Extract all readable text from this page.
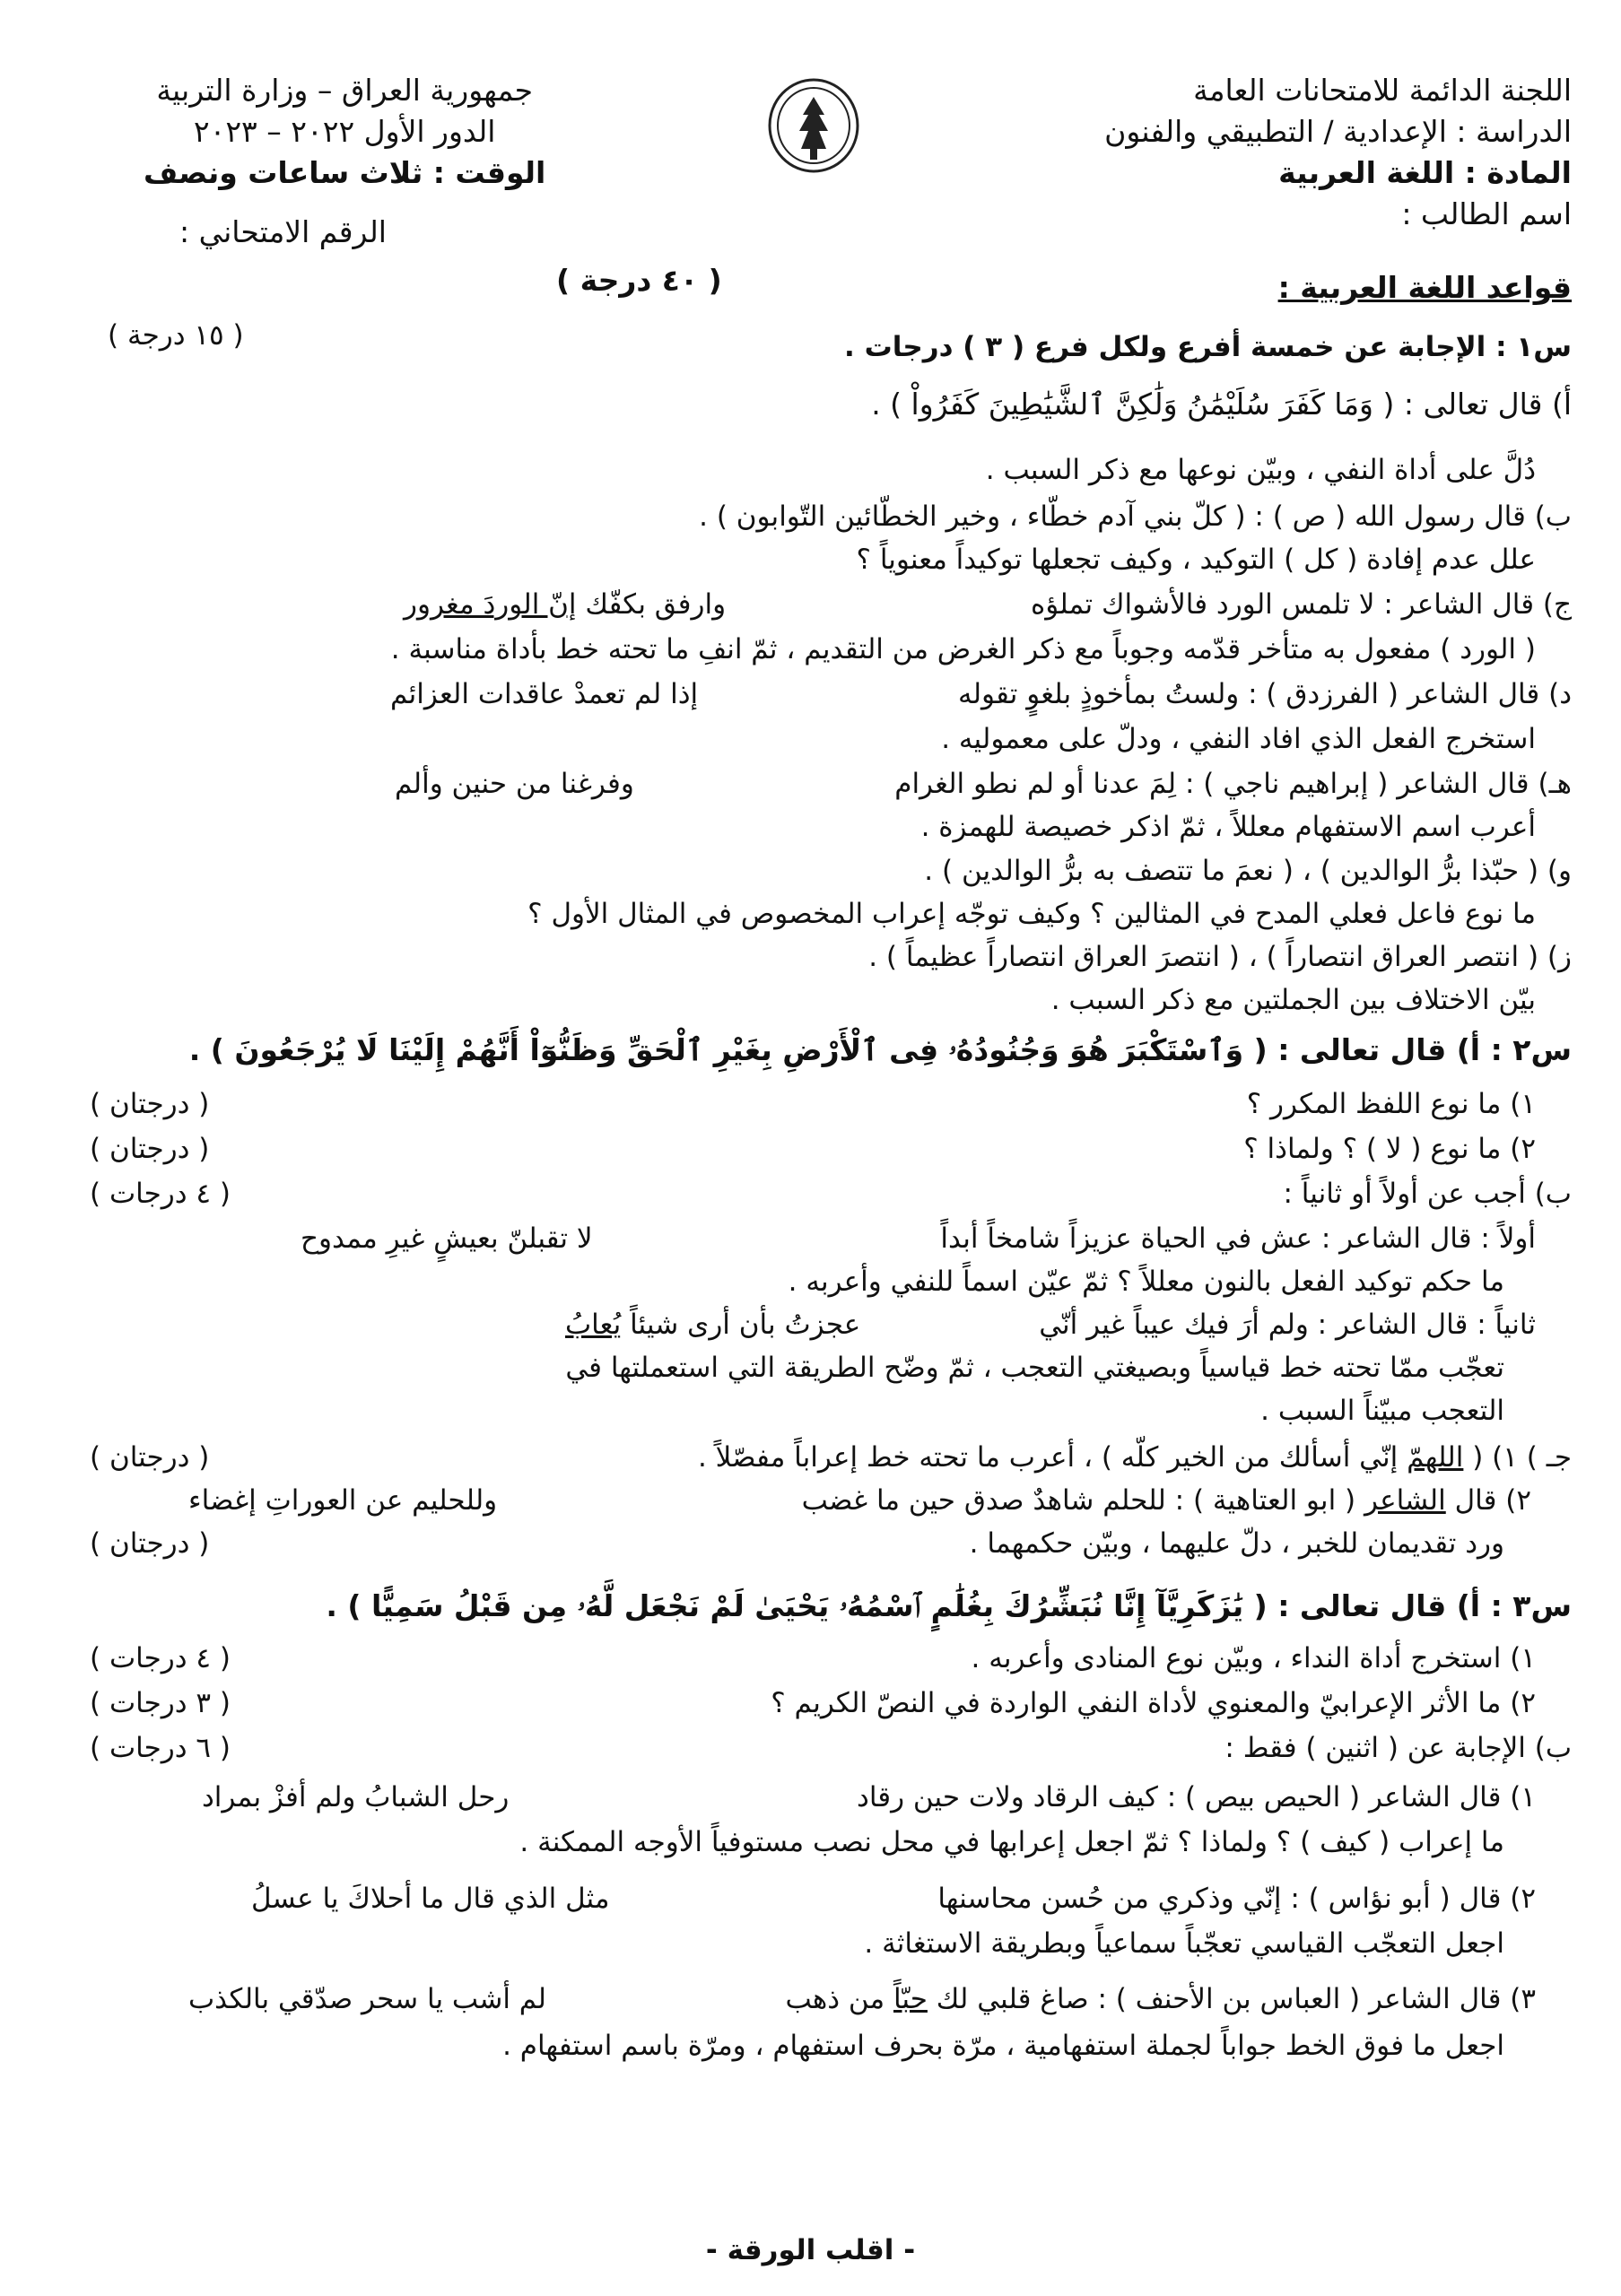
اللجنة الدائمة للامتحانات العامة
الدراسة : الإعدادية / التطبيقي والفنون
المادة : اللغة العربية
اسم الطالب :
جمهورية العراق – وزارة التربية
الدور الأول ٢٠٢٢ – ٢٠٢٣
الوقت : ثلاث ساعات ونصف
الرقم الامتحاني :
قواعد اللغة العربية :
( ٤٠ درجة )
س١ : الإجابة عن خمسة أفرع ولكل فرع ( ٣ ) درجات .
( ١٥ درجة )
أ) قال تعالى : ( وَمَا كَفَرَ سُلَيْمَٰنُ وَلَٰكِنَّ ٱلشَّيَٰطِينَ كَفَرُواْ ) .
دُلَّ على أداة النفي ، وبيّن نوعها مع ذكر السبب .
ب) قال رسول الله ( ص ) : ( كلّ بني آدم خطّاء ، وخير الخطّائين التّوابون ) .
علل عدم إفادة ( كل ) التوكيد ، وكيف تجعلها توكيداً معنوياً ؟
ج) قال الشاعر : لا تلمس الورد فالأشواك تملؤه
وارفق بكفّك إنّ الوردَ مغرور
( الورد ) مفعول به متأخر قدّمه وجوباً مع ذكر الغرض من التقديم ، ثمّ انفِ ما تحته خط بأداة مناسبة .
د) قال الشاعر ( الفرزدق ) : ولستُ بمأخوذٍ بلغوٍ تقوله
إذا لم تعمدْ عاقدات العزائم
استخرج الفعل الذي افاد النفي ، ودلّ على معموليه .
هـ) قال الشاعر ( إبراهيم ناجي ) : لِمَ عدنا أو لم نطو الغرام
وفرغنا من حنين وألم
أعرب اسم الاستفهام معللاً ، ثمّ اذكر خصيصة للهمزة .
و) ( حبّذا برُّ الوالدين ) ، ( نعمَ ما تتصف به برُّ الوالدين ) .
ما نوع فاعل فعلي المدح في المثالين ؟ وكيف توجّه إعراب المخصوص في المثال الأول ؟
ز) ( انتصر العراق انتصاراً ) ، ( انتصرَ العراق انتصاراً عظيماً ) .
بيّن الاختلاف بين الجملتين مع ذكر السبب .
س٢ : أ) قال تعالى : ( وَٱسْتَكْبَرَ هُوَ وَجُنُودُهُۥ فِى ٱلْأَرْضِ بِغَيْرِ ٱلْحَقِّ وَظَنُّوٓاْ أَنَّهُمْ إِلَيْنَا لَا يُرْجَعُونَ ) .
١) ما نوع اللفظ المكرر ؟
( درجتان )
٢) ما نوع ( لا ) ؟ ولماذا ؟
( درجتان )
ب) أجب عن أولاً أو ثانياً :
( ٤ درجات )
أولاً : قال الشاعر : عش في الحياة عزيزاً شامخاً أبداً
لا تقبلنّ بعيشٍ غيرِ ممدوح
ما حكم توكيد الفعل بالنون معللاً ؟ ثمّ عيّن اسماً للنفي وأعربه .
ثانياً : قال الشاعر : ولم أرَ فيك عيباً غير أنّي
عجزتُ بأن أرى شيئاً يُعابُ
تعجّب ممّا تحته خط قياسياً وبصيغتي التعجب ، ثمّ وضّح الطريقة التي استعملتها في
التعجب مبيّناً السبب .
جـ ) ١) ( اللهمّ إنّي أسألك من الخير كلّه ) ، أعرب ما تحته خط إعراباً مفصّلاً .
( درجتان )
٢) قال الشاعر ( ابو العتاهية ) : للحلم شاهدٌ صدق حين ما غضب
وللحليم عن العوراتِ إغضاء
ورد تقديمان للخبر ، دلّ عليهما ، وبيّن حكمهما .
( درجتان )
س٣ : أ) قال تعالى : ( يَٰزَكَرِيَّآ إِنَّا نُبَشِّرُكَ بِغُلَٰمٍ ٱسْمُهُۥ يَحْيَىٰ لَمْ نَجْعَل لَّهُۥ مِن قَبْلُ سَمِيًّا ) .
١) استخرج أداة النداء ، وبيّن نوع المنادى وأعربه .
( ٤ درجات )
٢) ما الأثر الإعرابيّ والمعنوي لأداة النفي الواردة في النصّ الكريم ؟
( ٣ درجات )
ب) الإجابة عن ( اثنين ) فقط :
( ٦ درجات )
١) قال الشاعر ( الحيص بيص ) : كيف الرقاد ولات حين رقاد
رحل الشبابُ ولم أفزْ بمراد
ما إعراب ( كيف ) ؟ ولماذا ؟ ثمّ اجعل إعرابها في محل نصب مستوفياً الأوجه الممكنة .
٢) قال ( أبو نؤاس ) : إنّي وذكري من حُسن محاسنها
مثل الذي قال ما أحلاكَ يا عسلُ
اجعل التعجّب القياسي تعجّباً سماعياً وبطريقة الاستغاثة .
٣) قال الشاعر ( العباس بن الأحنف ) : صاغ قلبي لك حبّاً من ذهب
لم أشب يا سحر صدّقي بالكذب
اجعل ما فوق الخط جواباً لجملة استفهامية ، مرّة بحرف استفهام ، ومرّة باسم استفهام .
- اقلب الورقة -
